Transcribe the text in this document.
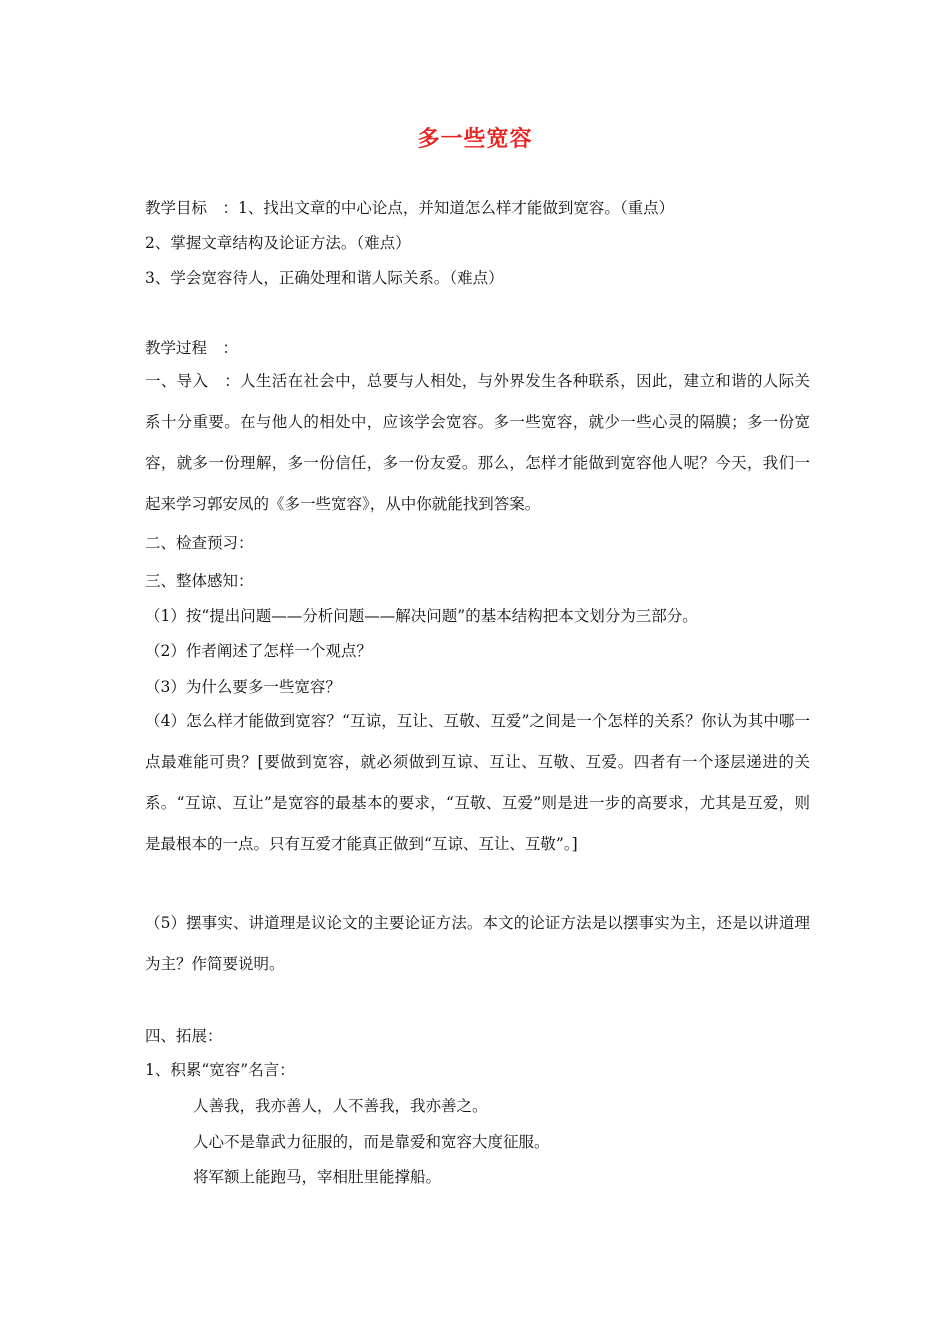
多一些宽容
教学目标　：1、找出文章的中心论点，并知道怎么样才能做到宽容。（重点）
2、掌握文章结构及论证方法。（难点）
3、学会宽容待人，正确处理和谐人际关系。（难点）
教学过程　：
一、导入　：人生活在社会中，总要与人相处，与外界发生各种联系，因此，建立和谐的人际关系十分重要。在与他人的相处中，应该学会宽容。多一些宽容，就少一些心灵的隔膜；多一份宽容，就多一份理解，多一份信任，多一份友爱。那么，怎样才能做到宽容他人呢？今天，我们一起来学习郭安凤的《多一些宽容》，从中你就能找到答案。
二、检查预习：
三、整体感知：
（1）按“提出问题——分析问题——解决问题”的基本结构把本文划分为三部分。
（2）作者阐述了怎样一个观点？
（3）为什么要多一些宽容？
（4）怎么样才能做到宽容？“互谅，互让、互敬、互爱”之间是一个怎样的关系？你认为其中哪一点最难能可贵？[要做到宽容，就必须做到互谅、互让、互敬、互爱。四者有一个逐层递进的关系。“互谅、互让”是宽容的最基本的要求，“互敬、互爱”则是进一步的高要求，尤其是互爱，则是最根本的一点。只有互爱才能真正做到“互谅、互让、互敬”。]
（5）摆事实、讲道理是议论文的主要论证方法。本文的论证方法是以摆事实为主，还是以讲道理为主？作简要说明。
四、拓展：
1、积累“宽容”名言：
人善我，我亦善人，人不善我，我亦善之。
人心不是靠武力征服的，而是靠爱和宽容大度征服。
将军额上能跑马，宰相肚里能撑船。
